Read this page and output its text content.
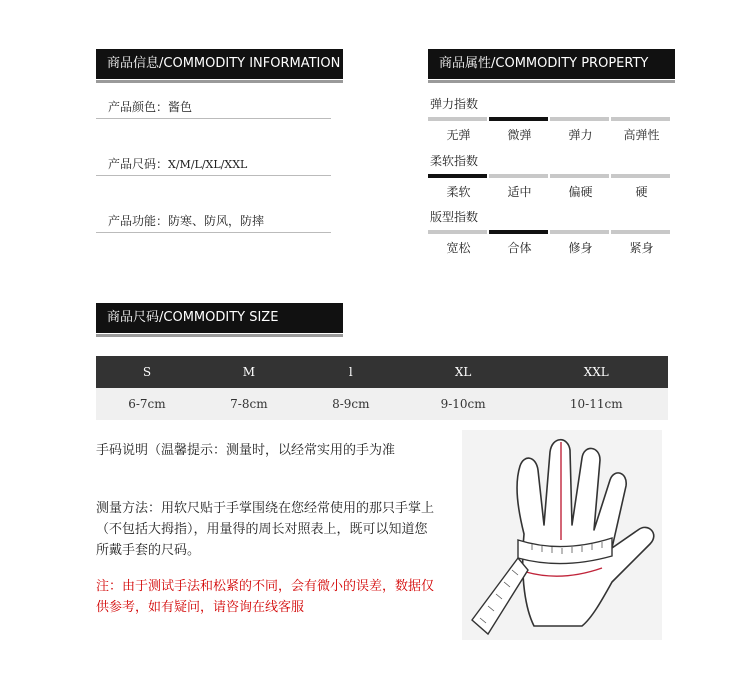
商品信息/COMMODITY INFORMATION
产品颜色：酱色
产品尺码：X/M/L/XL/XXL
产品功能：防寒、防风，防摔
商品属性/COMMODITY PROPERTY
弹力指数
无弹	微弹	弹力	高弹性
柔软指数
柔软	适中	偏硬	硬
版型指数
宽松	合体	修身	紧身
商品尺码/COMMODITY SIZE
S	M	l	XL	XXL
6-7cm	7-8cm	8-9cm	9-10cm	10-11cm
手码说明（温馨提示：测量时，以经常实用的手为准
测量方法：用软尺贴于手掌围绕在您经常使用的那只手掌上
（不包括大拇指），用量得的周长对照表上，既可以知道您
所戴手套的尺码。
注：由于测试手法和松紧的不同，会有微小的误差，数据仅
供参考，如有疑问，请咨询在线客服
